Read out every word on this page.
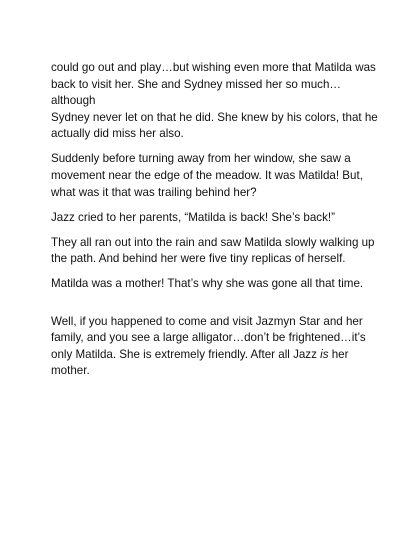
could go out and play…but wishing even more that Matilda was
back to visit her. She and Sydney missed her so much…although
Sydney never let on that he did. She knew by his colors, that he
actually did miss her also.

Suddenly before turning away from her window, she saw a
movement near the edge of the meadow. It was Matilda! But,
what was it that was trailing behind her?

Jazz cried to her parents, “Matilda is back! She’s back!”

They all ran out into the rain and saw Matilda slowly walking up
the path. And behind her were five tiny replicas of herself.

Matilda was a mother! That’s why she was gone all that time.

Well, if you happened to come and visit Jazmyn Star and her
family, and you see a large alligator…don’t be frightened…it’s
only Matilda. She is extremely friendly. After all Jazz is her
mother.
